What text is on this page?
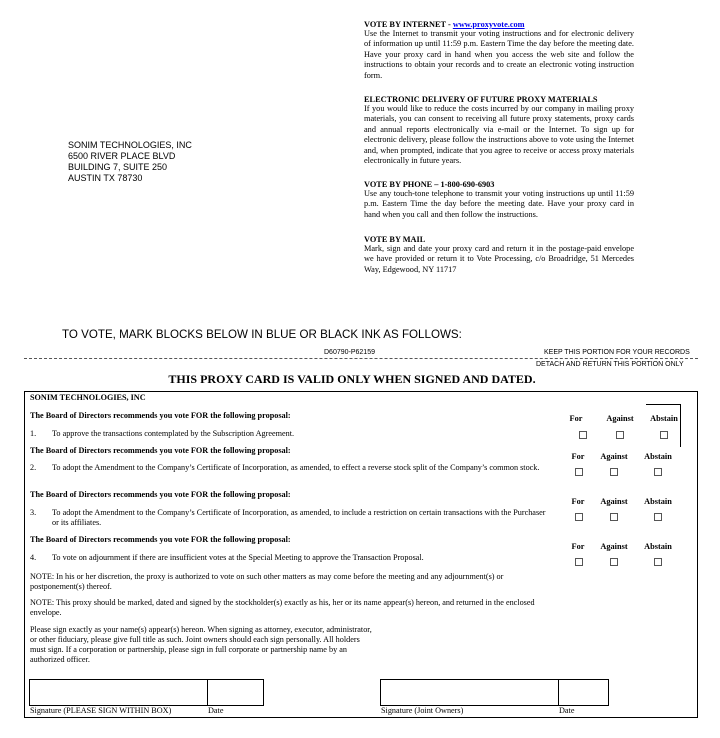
VOTE BY INTERNET - www.proxyvote.com
Use the Internet to transmit your voting instructions and for electronic delivery of information up until 11:59 p.m. Eastern Time the day before the meeting date. Have your proxy card in hand when you access the web site and follow the instructions to obtain your records and to create an electronic voting instruction form.
ELECTRONIC DELIVERY OF FUTURE PROXY MATERIALS
If you would like to reduce the costs incurred by our company in mailing proxy materials, you can consent to receiving all future proxy statements, proxy cards and annual reports electronically via e-mail or the Internet. To sign up for electronic delivery, please follow the instructions above to vote using the Internet and, when prompted, indicate that you agree to receive or access proxy materials electronically in future years.
VOTE BY PHONE – 1-800-690-6903
Use any touch-tone telephone to transmit your voting instructions up until 11:59 p.m. Eastern Time the day before the meeting date. Have your proxy card in hand when you call and then follow the instructions.
VOTE BY MAIL
Mark, sign and date your proxy card and return it in the postage-paid envelope we have provided or return it to Vote Processing, c/o Broadridge, 51 Mercedes Way, Edgewood, NY 11717
SONIM TECHNOLOGIES, INC
6500 RIVER PLACE BLVD
BUILDING 7, SUITE 250
AUSTIN TX 78730
TO VOTE, MARK BLOCKS BELOW IN BLUE OR BLACK INK AS FOLLOWS:
D60790-P62159	KEEP THIS PORTION FOR YOUR RECORDS
DETACH AND RETURN THIS PORTION ONLY
THIS PROXY CARD IS VALID ONLY WHEN SIGNED AND DATED.
SONIM TECHNOLOGIES, INC
The Board of Directors recommends you vote FOR the following proposal:
1. To approve the transactions contemplated by the Subscription Agreement.
For	Against	Abstain
The Board of Directors recommends you vote FOR the following proposal:
2. To adopt the Amendment to the Company’s Certificate of Incorporation, as amended, to effect a reverse stock split of the Company’s common stock.
For	Against	Abstain
The Board of Directors recommends you vote FOR the following proposal:
3. To adopt the Amendment to the Company’s Certificate of Incorporation, as amended, to include a restriction on certain transactions with the Purchaser or its affiliates.
For	Against	Abstain
The Board of Directors recommends you vote FOR the following proposal:
4. To vote on adjournment if there are insufficient votes at the Special Meeting to approve the Transaction Proposal.
For	Against	Abstain
NOTE: In his or her discretion, the proxy is authorized to vote on such other matters as may come before the meeting and any adjournment(s) or postponement(s) thereof.
NOTE: This proxy should be marked, dated and signed by the stockholder(s) exactly as his, her or its name appear(s) hereon, and returned in the enclosed envelope.
Please sign exactly as your name(s) appear(s) hereon. When signing as attorney, executor, administrator, or other fiduciary, please give full title as such. Joint owners should each sign personally. All holders must sign. If a corporation or partnership, please sign in full corporate or partnership name by an authorized officer.
Signature (PLEASE SIGN WITHIN BOX)	Date	Signature (Joint Owners)	Date
